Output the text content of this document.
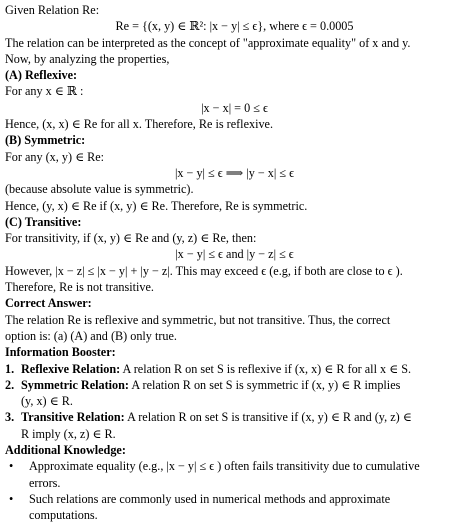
Given Relation Re:
Re = {(x, y) ∈ ℝ²: |x − y| ≤ ϵ}, where ϵ = 0.0005
The relation can be interpreted as the concept of "approximate equality" of x and y.
Now, by analyzing the properties,
(A) Reflexive:
For any x ∈ ℝ :
|x − x| = 0 ≤ ϵ
Hence, (x, x) ∈ Re for all x. Therefore, Re is reflexive.
(B) Symmetric:
For any (x, y) ∈ Re:
|x − y| ≤ ϵ ⟹ |y − x| ≤ ϵ
(because absolute value is symmetric).
Hence, (y, x) ∈ Re if (x, y) ∈ Re. Therefore, Re is symmetric.
(C) Transitive:
For transitivity, if (x, y) ∈ Re and (y, z) ∈ Re, then:
|x − y| ≤ ϵ and |y − z| ≤ ϵ
However, |x − z| ≤ |x − y| + |y − z|. This may exceed ϵ (e.g, if both are close to ϵ ).
Therefore, Re is not transitive.
Correct Answer:
The relation Re is reflexive and symmetric, but not transitive. Thus, the correct
option is: (a) (A) and (B) only true.
Information Booster:
1. Reflexive Relation: A relation R on set S is reflexive if (x, x) ∈ R for all x ∈ S.
2. Symmetric Relation: A relation R on set S is symmetric if (x, y) ∈ R implies
(y, x) ∈ R.
3. Transitive Relation: A relation R on set S is transitive if (x, y) ∈ R and (y, z) ∈
R imply (x, z) ∈ R.
Additional Knowledge:
• Approximate equality (e.g., |x − y| ≤ ϵ ) often fails transitivity due to cumulative
errors.
• Such relations are commonly used in numerical methods and approximate
computations.
